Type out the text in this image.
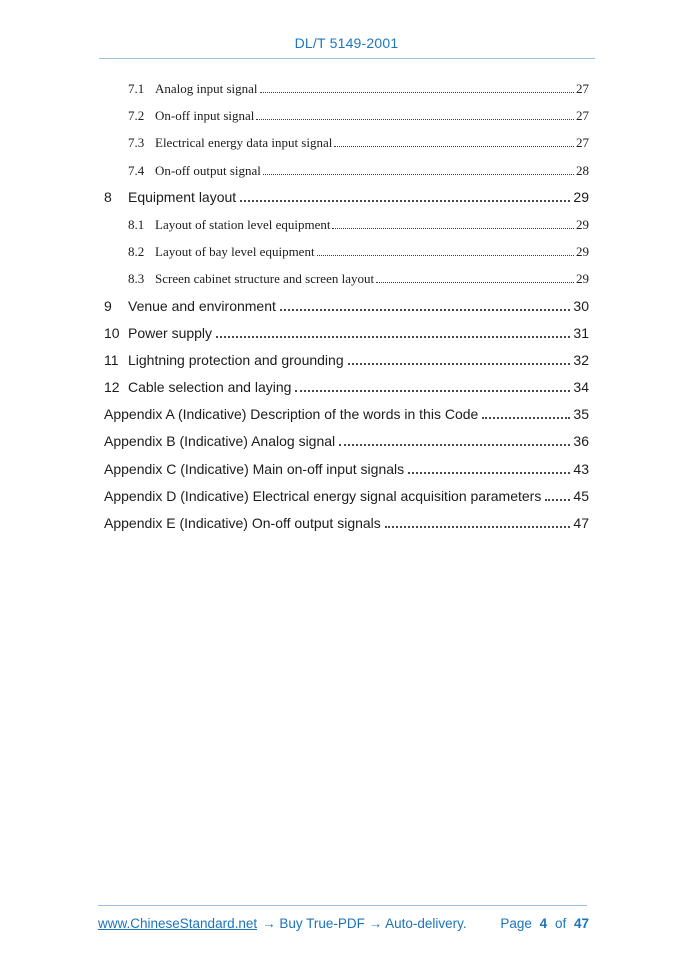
DL/T 5149-2001
7.1 Analog input signal	27
7.2 On-off input signal	27
7.3 Electrical energy data input signal	27
7.4 On-off output signal	28
8	Equipment layout	29
8.1 Layout of station level equipment	29
8.2 Layout of bay level equipment	29
8.3 Screen cabinet structure and screen layout	29
9	Venue and environment	30
10 Power supply	31
11 Lightning protection and grounding	32
12 Cable selection and laying	34
Appendix A (Indicative) Description of the words in this Code	35
Appendix B (Indicative) Analog signal	36
Appendix C (Indicative) Main on-off input signals	43
Appendix D (Indicative) Electrical energy signal acquisition parameters 45
Appendix E (Indicative) On-off output signals	47
www.ChineseStandard.net → Buy True-PDF → Auto-delivery. Page 4 of 47
